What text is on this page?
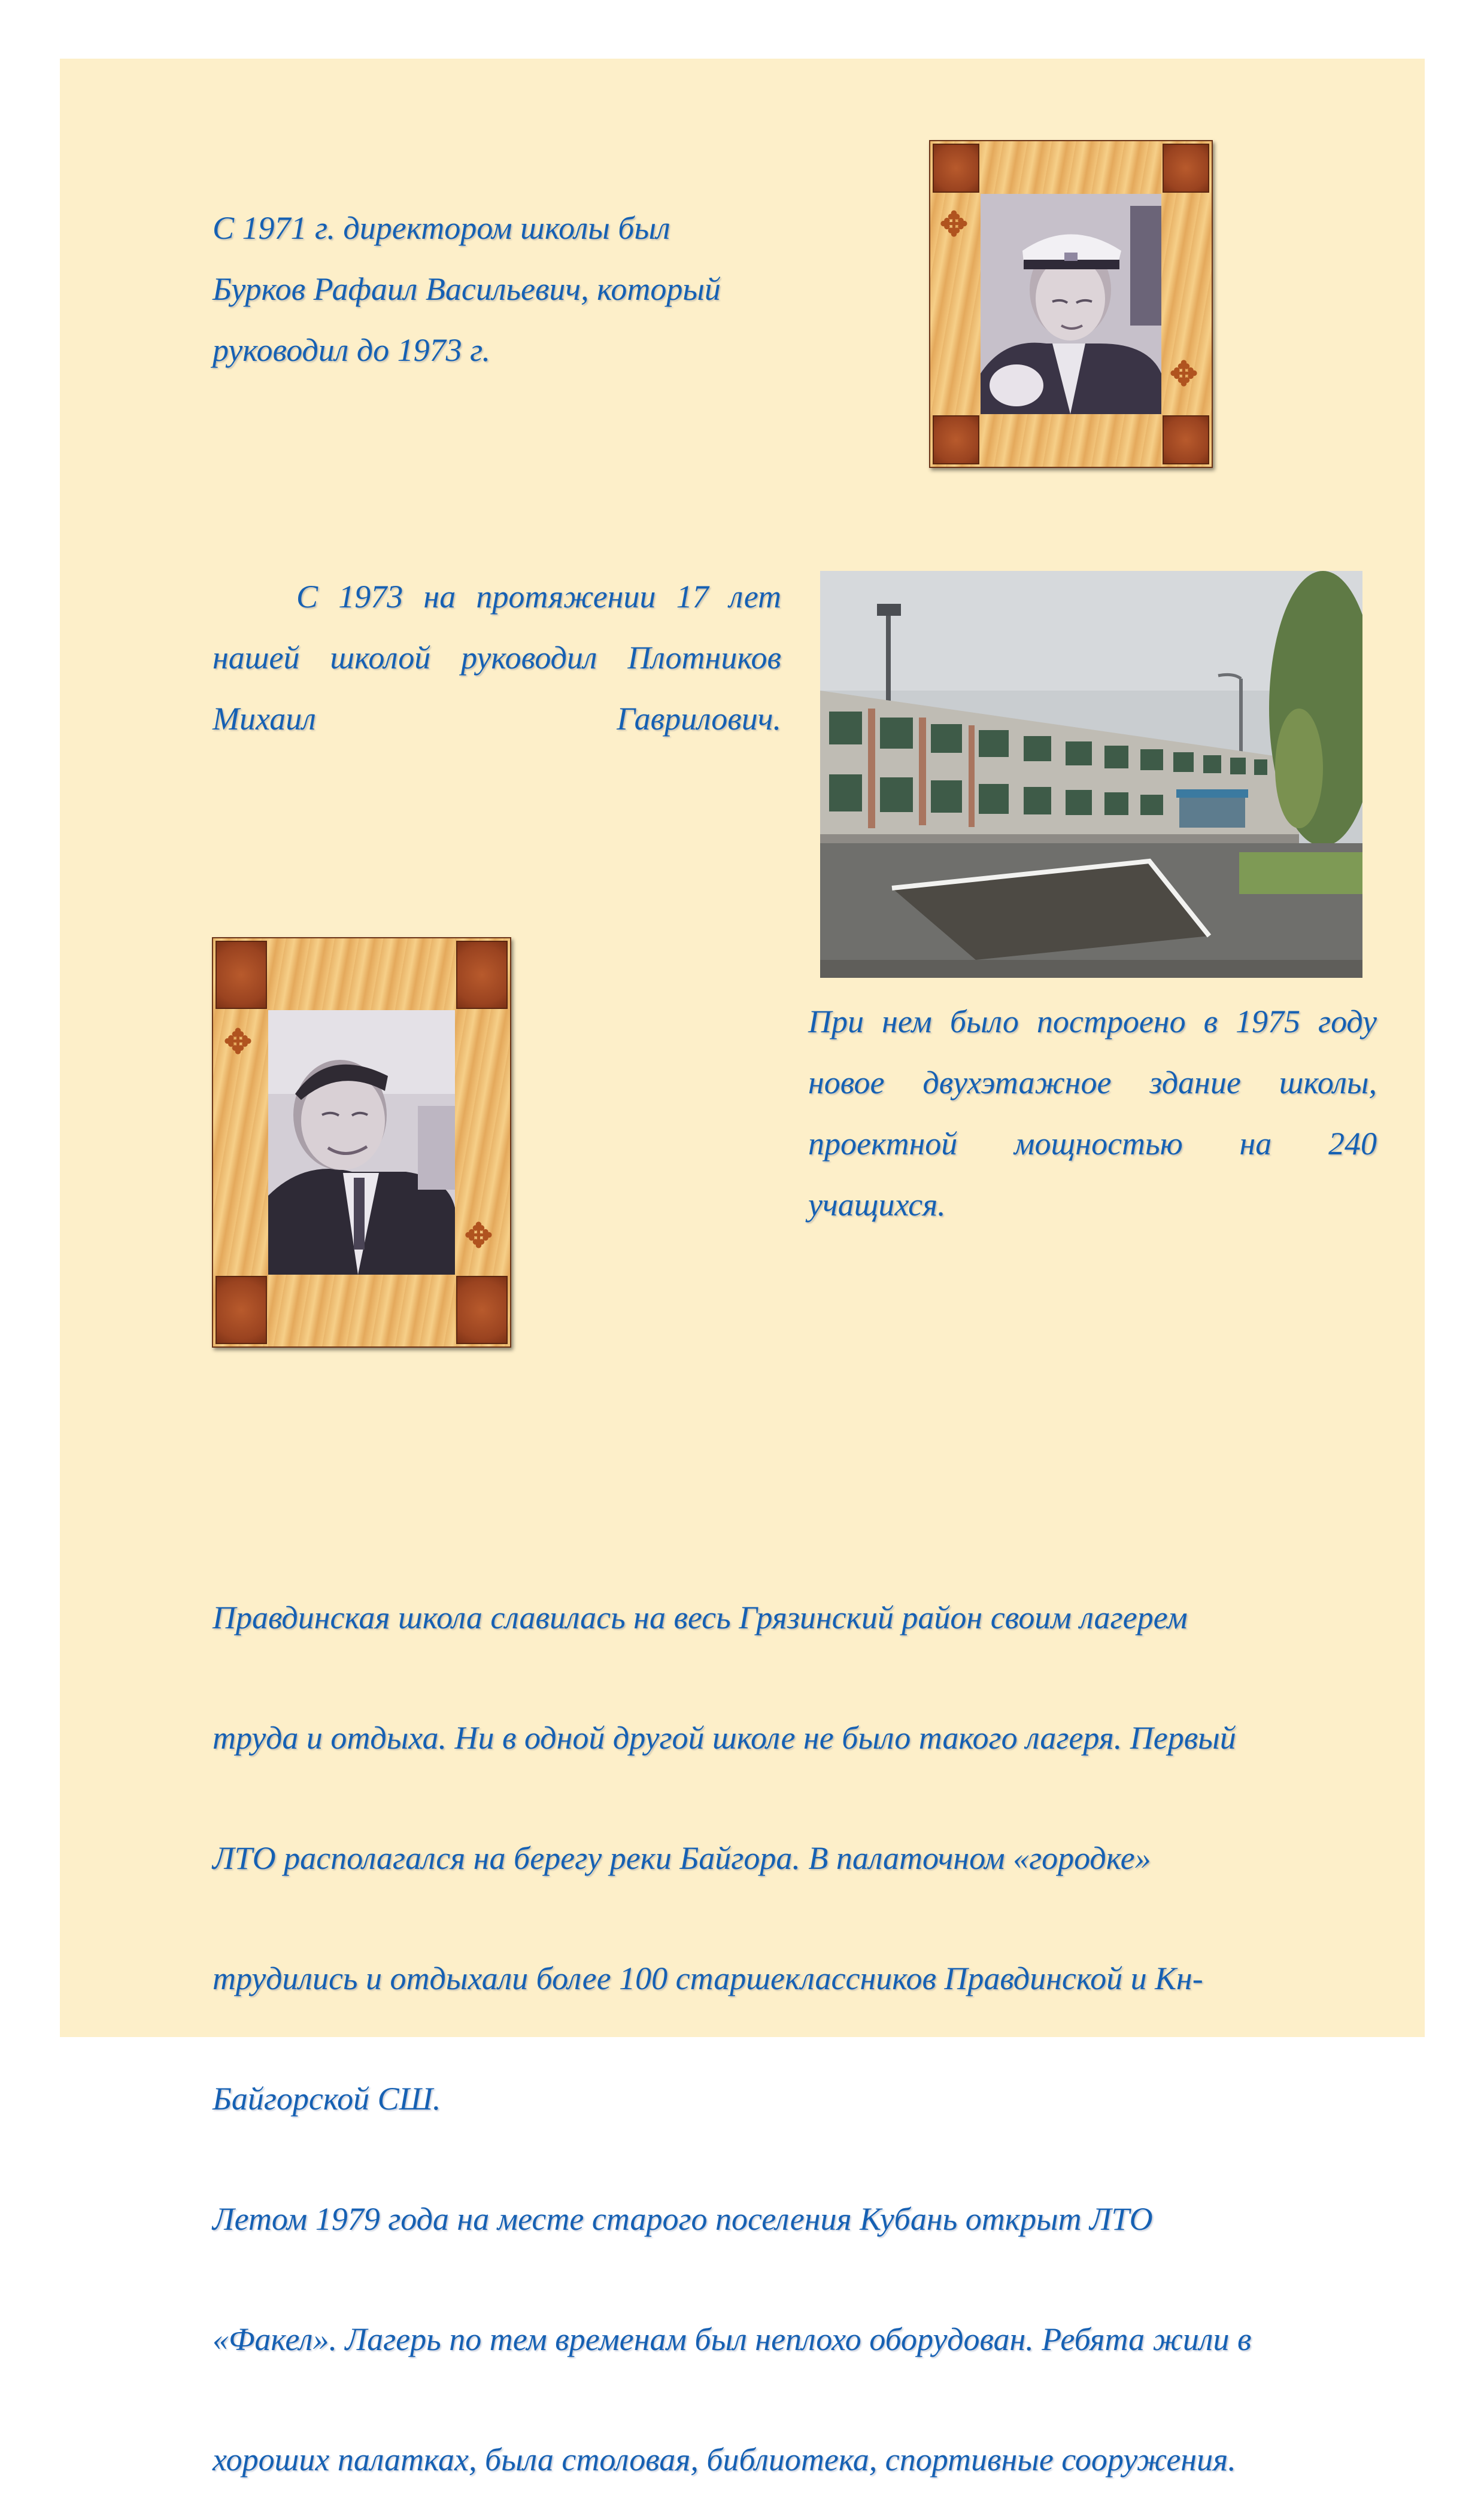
С 1971 г. директором школы был
Бурков Рафаил Васильевич, который
руководил до 1973 г.
✥
✥
С 1973 на протяжении 17 лет
нашей школой руководил Плотников
Михаил Гаврилович.
✥
✥
При нем было построено в 1975 году
новое двухэтажное здание школы,
проектной мощностью на 240
учащихся.

Правдинская школа славилась на весь Грязинский район своим лагерем

труда и отдыха. Ни в одной другой школе не было такого лагеря. Первый

ЛТО располагался на берегу реки Байгора. В палаточном «городке»

трудились и отдыхали более 100 старшеклассников Правдинской и Кн-

Байгорской СШ.

Летом 1979 года на месте старого поселения Кубань открыт ЛТО

«Факел». Лагерь по тем временам был неплохо оборудован. Ребята жили в

хороших палатках, была столовая, библиотека, спортивные сооружения.
